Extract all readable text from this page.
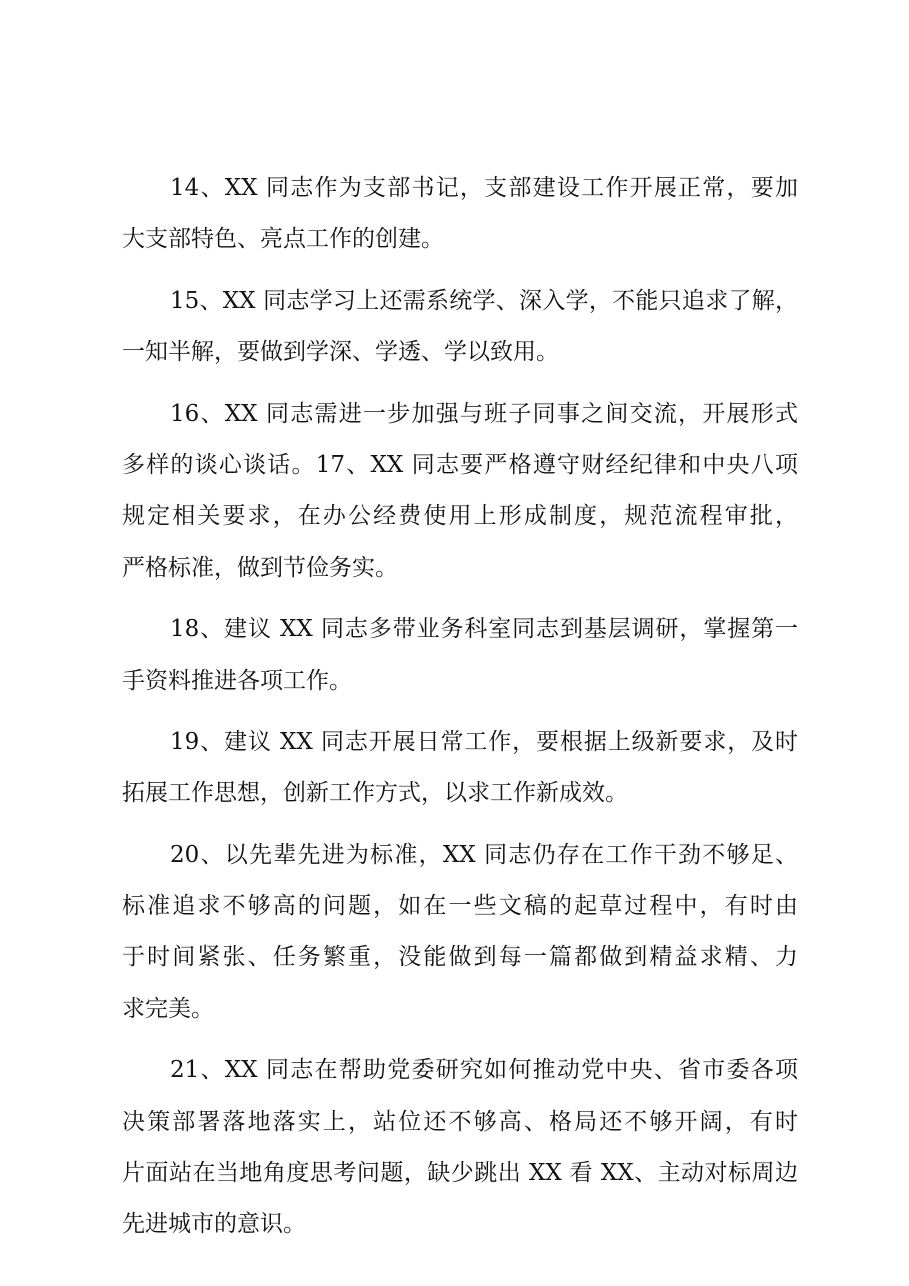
14、XX 同志作为支部书记，支部建设工作开展正常，要加
大支部特色、亮点工作的创建。
15、XX 同志学习上还需系统学、深入学，不能只追求了解，
一知半解，要做到学深、学透、学以致用。
16、XX 同志需进一步加强与班子同事之间交流，开展形式
多样的谈心谈话。17、XX 同志要严格遵守财经纪律和中央八项
规定相关要求，在办公经费使用上形成制度，规范流程审批，
严格标准，做到节俭务实。
18、建议 XX 同志多带业务科室同志到基层调研，掌握第一
手资料推进各项工作。
19、建议 XX 同志开展日常工作，要根据上级新要求，及时
拓展工作思想，创新工作方式，以求工作新成效。
20、以先辈先进为标准，XX 同志仍存在工作干劲不够足、
标准追求不够高的问题，如在一些文稿的起草过程中，有时由
于时间紧张、任务繁重，没能做到每一篇都做到精益求精、力
求完美。
21、XX 同志在帮助党委研究如何推动党中央、省市委各项
决策部署落地落实上，站位还不够高、格局还不够开阔，有时
片面站在当地角度思考问题，缺少跳出 XX 看 XX、主动对标周边
先进城市的意识。
